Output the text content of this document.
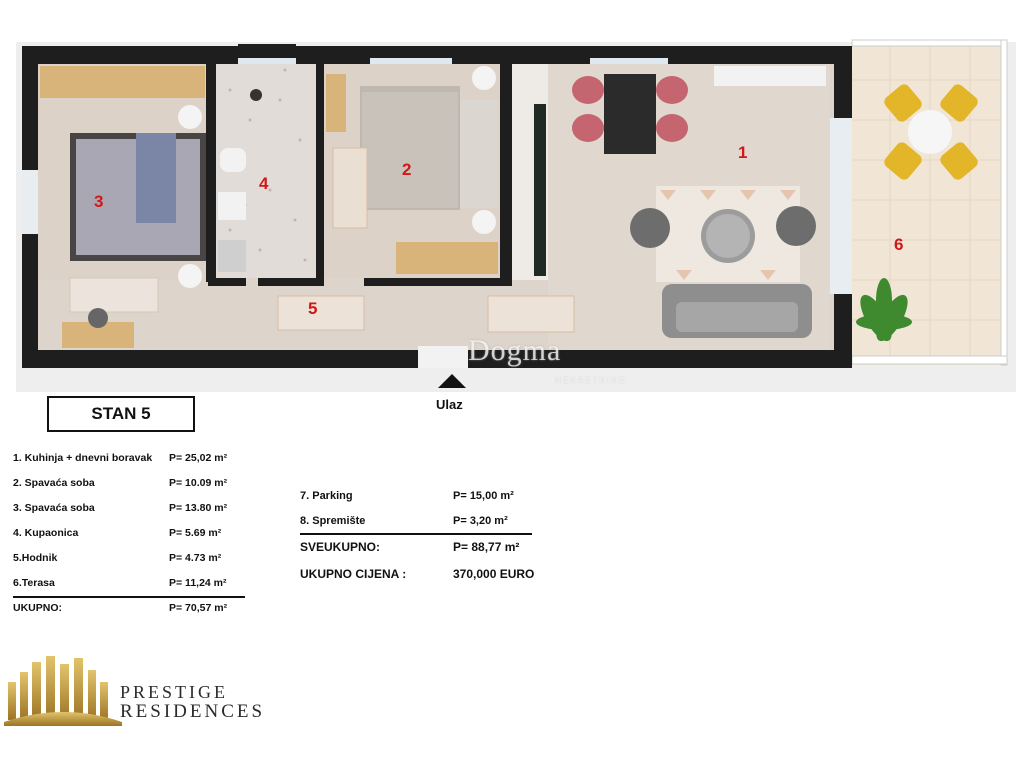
1
2
3
4
5
6
Dogma
NEKRETNINE
Ulaz
STAN 5
1. Kuhinja + dnevni boravak P= 25,02 m²
2. Spavaća soba	P= 10.09 m²
3. Spavaća soba	P= 13.80 m²
4. Kupaonica	P= 5.69 m²
5.Hodnik	P= 4.73 m²
6.Terasa	P= 11,24 m²
UKUPNO:	P= 70,57 m²
7. Parking	P= 15,00 m²
8. Spremište	P= 3,20 m²
SVEUKUPNO:	P= 88,77 m²
UKUPNO CIJENA :	370,000 EURO
PRESTIGE
RESIDENCES
